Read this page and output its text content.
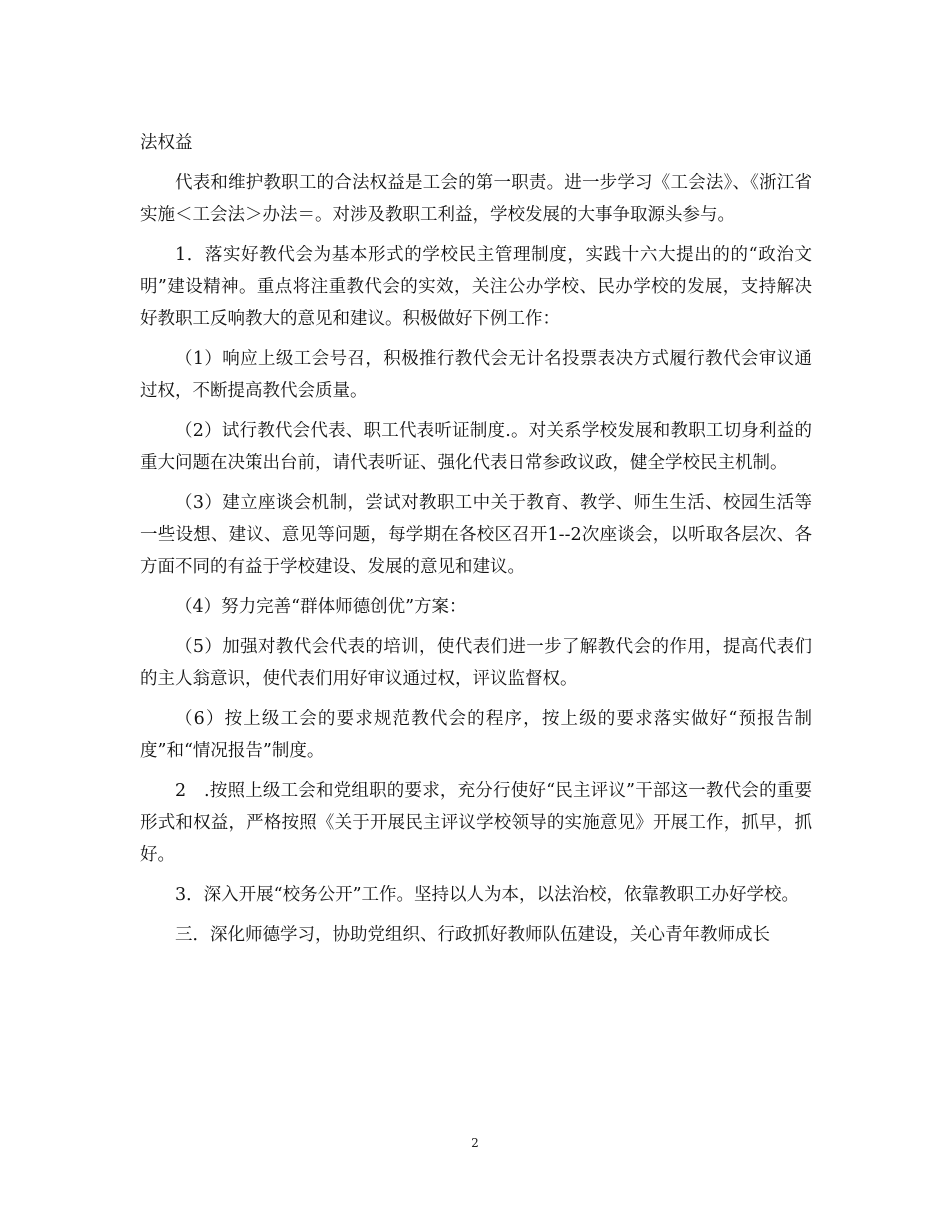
法权益

代表和维护教职工的合法权益是工会的第一职责。进一步学习《工会法》、《浙江省实施＜工会法＞办法＝。对涉及教职工利益，学校发展的大事争取源头参与。

1．落实好教代会为基本形式的学校民主管理制度，实践十六大提出的的“政治文明”建设精神。重点将注重教代会的实效，关注公办学校、民办学校的发展，支持解决好教职工反响教大的意见和建议。积极做好下例工作：

（1）响应上级工会号召，积极推行教代会无计名投票表决方式履行教代会审议通过权，不断提高教代会质量。

（2）试行教代会代表、职工代表听证制度.。对关系学校发展和教职工切身利益的重大问题在决策出台前，请代表听证、强化代表日常参政议政，健全学校民主机制。

（3）建立座谈会机制，尝试对教职工中关于教育、教学、师生生活、校园生活等一些设想、建议、意见等问题，每学期在各校区召开1--2次座谈会，以听取各层次、各方面不同的有益于学校建设、发展的意见和建议。

（4）努力完善“群体师德创优”方案：

（5）加强对教代会代表的培训，使代表们进一步了解教代会的作用，提高代表们的主人翁意识，使代表们用好审议通过权，评议监督权。

（6）按上级工会的要求规范教代会的程序，按上级的要求落实做好“预报告制度”和“情况报告”制度。

2　.按照上级工会和党组职的要求，充分行使好“民主评议”干部这一教代会的重要形式和权益，严格按照《关于开展民主评议学校领导的实施意见》开展工作，抓早，抓好。

3．深入开展“校务公开”工作。坚持以人为本，以法治校，依靠教职工办好学校。

三．深化师德学习，协助党组织、行政抓好教师队伍建设，关心青年教师成长

2
